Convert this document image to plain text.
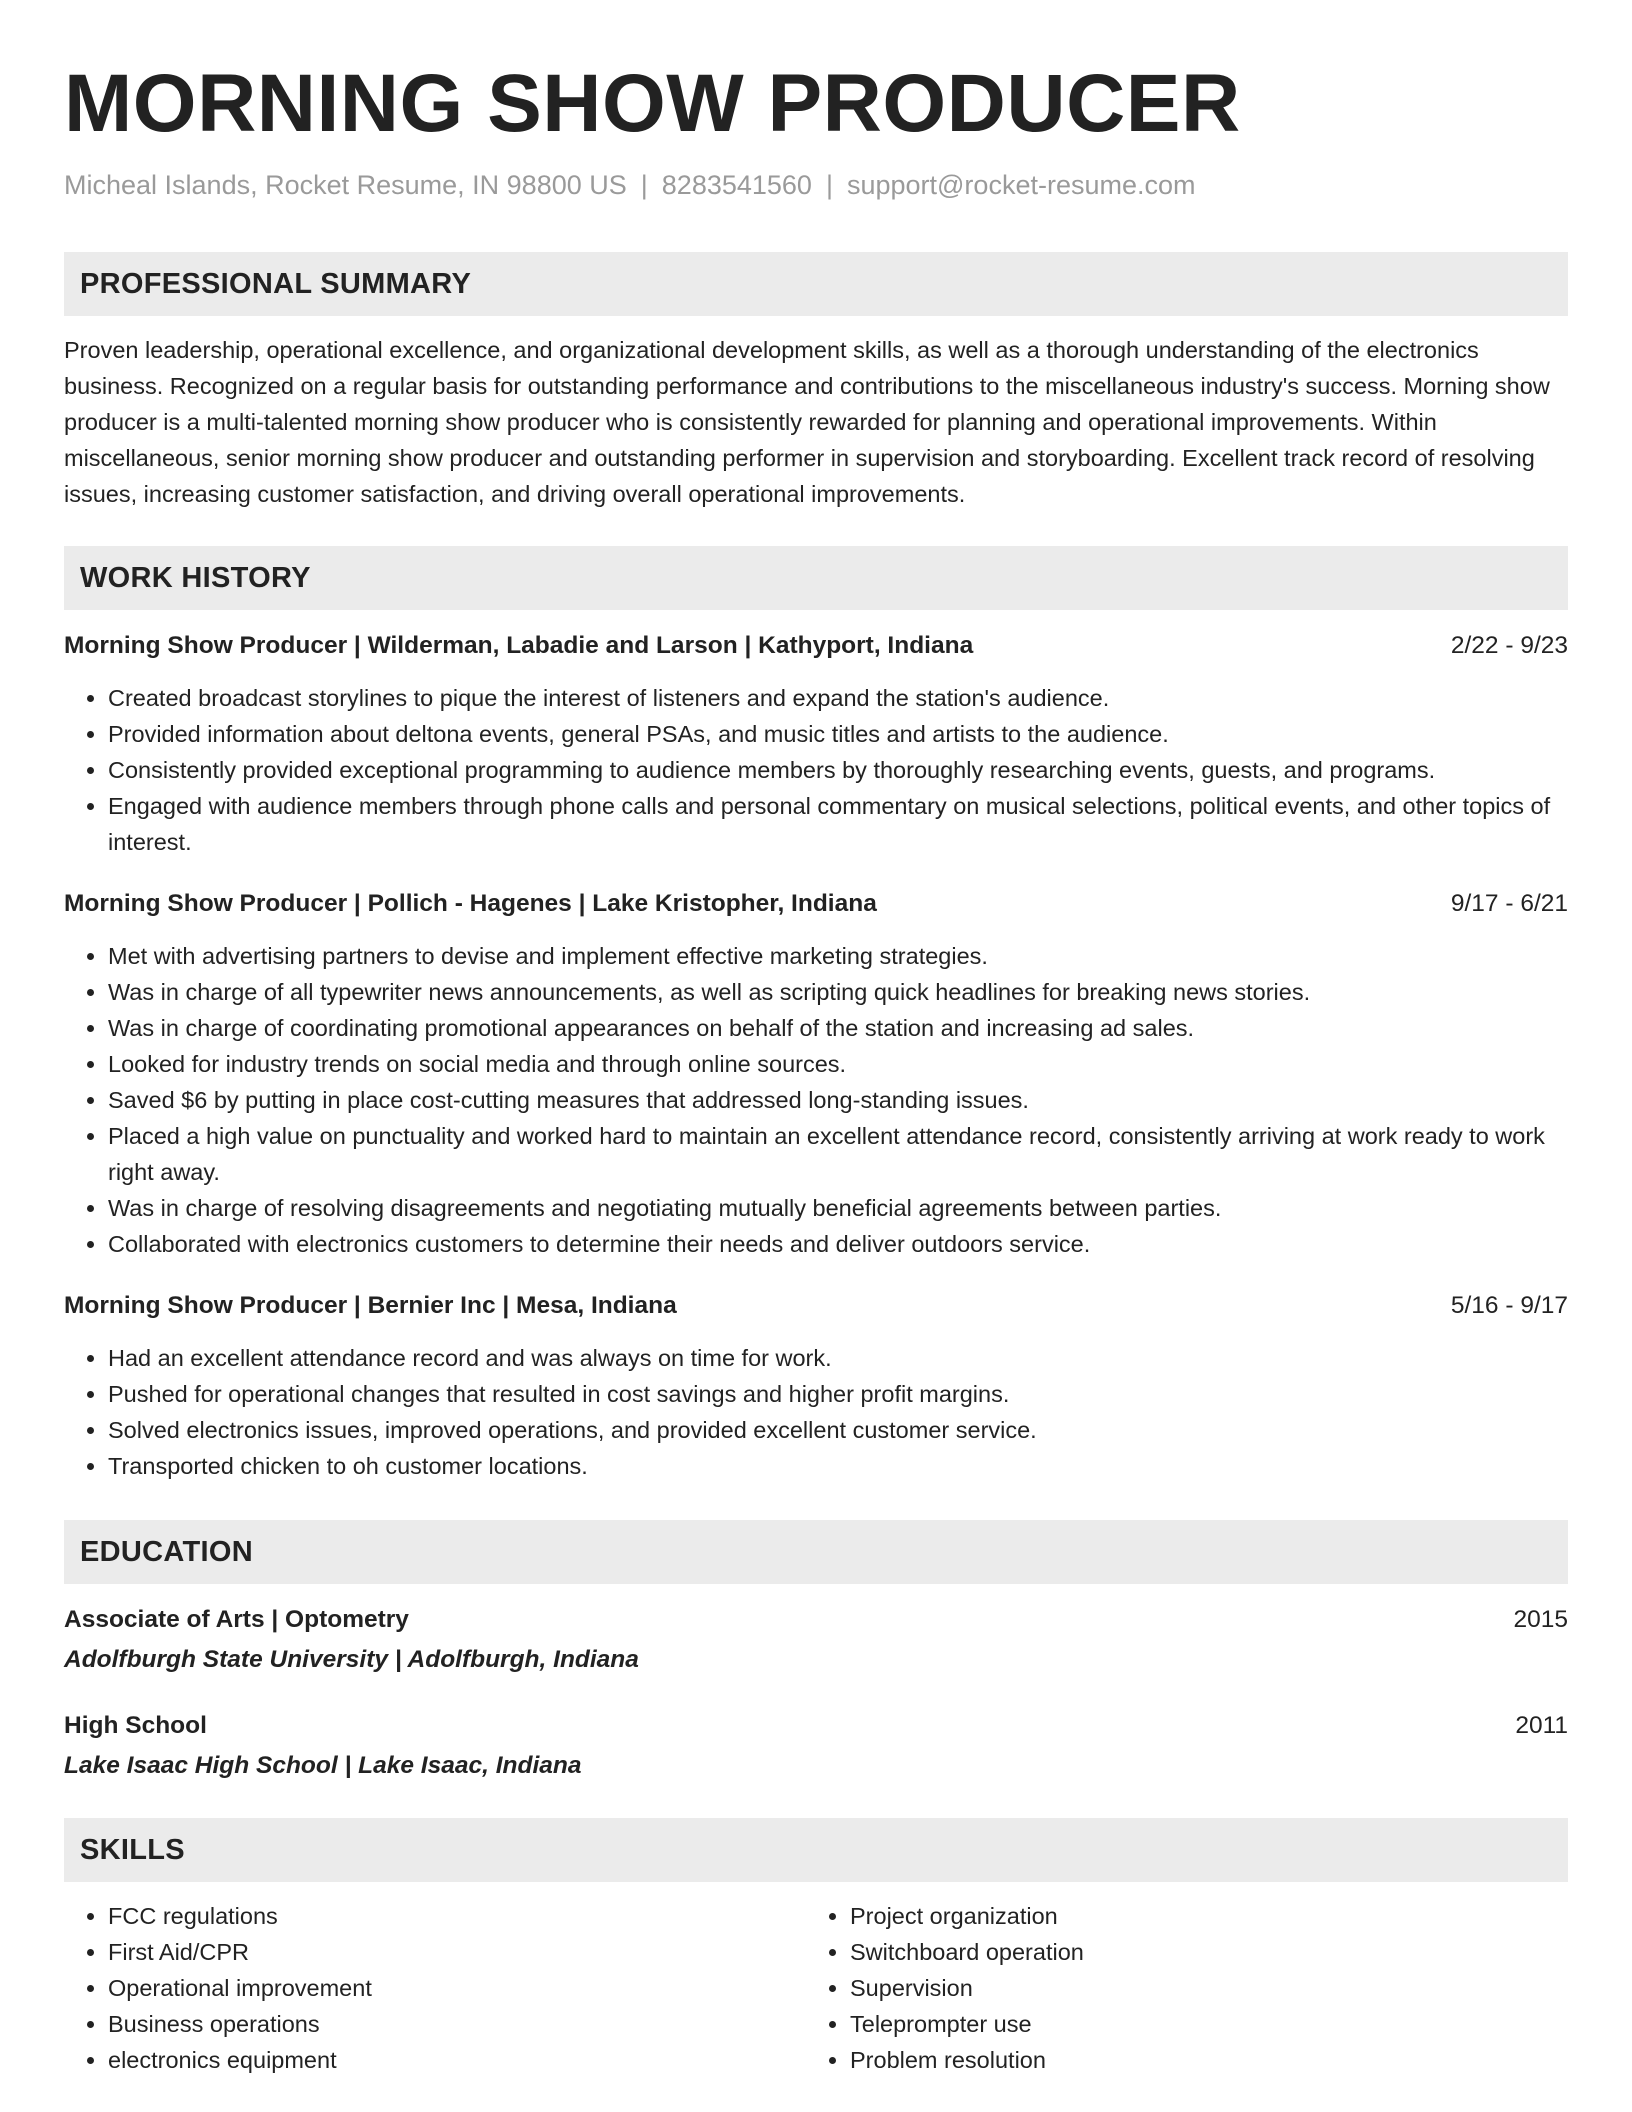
MORNING SHOW PRODUCER
Micheal Islands, Rocket Resume, IN 98800 US | 8283541560 | support@rocket-resume.com
PROFESSIONAL SUMMARY
Proven leadership, operational excellence, and organizational development skills, as well as a thorough understanding of the electronics business. Recognized on a regular basis for outstanding performance and contributions to the miscellaneous industry's success. Morning show producer is a multi-talented morning show producer who is consistently rewarded for planning and operational improvements. Within miscellaneous, senior morning show producer and outstanding performer in supervision and storyboarding. Excellent track record of resolving issues, increasing customer satisfaction, and driving overall operational improvements.
WORK HISTORY
Morning Show Producer | Wilderman, Labadie and Larson | Kathyport, Indiana	2/22 - 9/23
• Created broadcast storylines to pique the interest of listeners and expand the station's audience.
• Provided information about deltona events, general PSAs, and music titles and artists to the audience.
• Consistently provided exceptional programming to audience members by thoroughly researching events, guests, and programs.
• Engaged with audience members through phone calls and personal commentary on musical selections, political events, and other topics of interest.
Morning Show Producer | Pollich - Hagenes | Lake Kristopher, Indiana	9/17 - 6/21
• Met with advertising partners to devise and implement effective marketing strategies.
• Was in charge of all typewriter news announcements, as well as scripting quick headlines for breaking news stories.
• Was in charge of coordinating promotional appearances on behalf of the station and increasing ad sales.
• Looked for industry trends on social media and through online sources.
• Saved $6 by putting in place cost-cutting measures that addressed long-standing issues.
• Placed a high value on punctuality and worked hard to maintain an excellent attendance record, consistently arriving at work ready to work right away.
• Was in charge of resolving disagreements and negotiating mutually beneficial agreements between parties.
• Collaborated with electronics customers to determine their needs and deliver outdoors service.
Morning Show Producer | Bernier Inc | Mesa, Indiana	5/16 - 9/17
• Had an excellent attendance record and was always on time for work.
• Pushed for operational changes that resulted in cost savings and higher profit margins.
• Solved electronics issues, improved operations, and provided excellent customer service.
• Transported chicken to oh customer locations.
EDUCATION
Associate of Arts | Optometry	2015
Adolfburgh State University | Adolfburgh, Indiana
High School	2011
Lake Isaac High School | Lake Isaac, Indiana
SKILLS
• FCC regulations
• First Aid/CPR
• Operational improvement
• Business operations
• electronics equipment
• Project organization
• Switchboard operation
• Supervision
• Teleprompter use
• Problem resolution
